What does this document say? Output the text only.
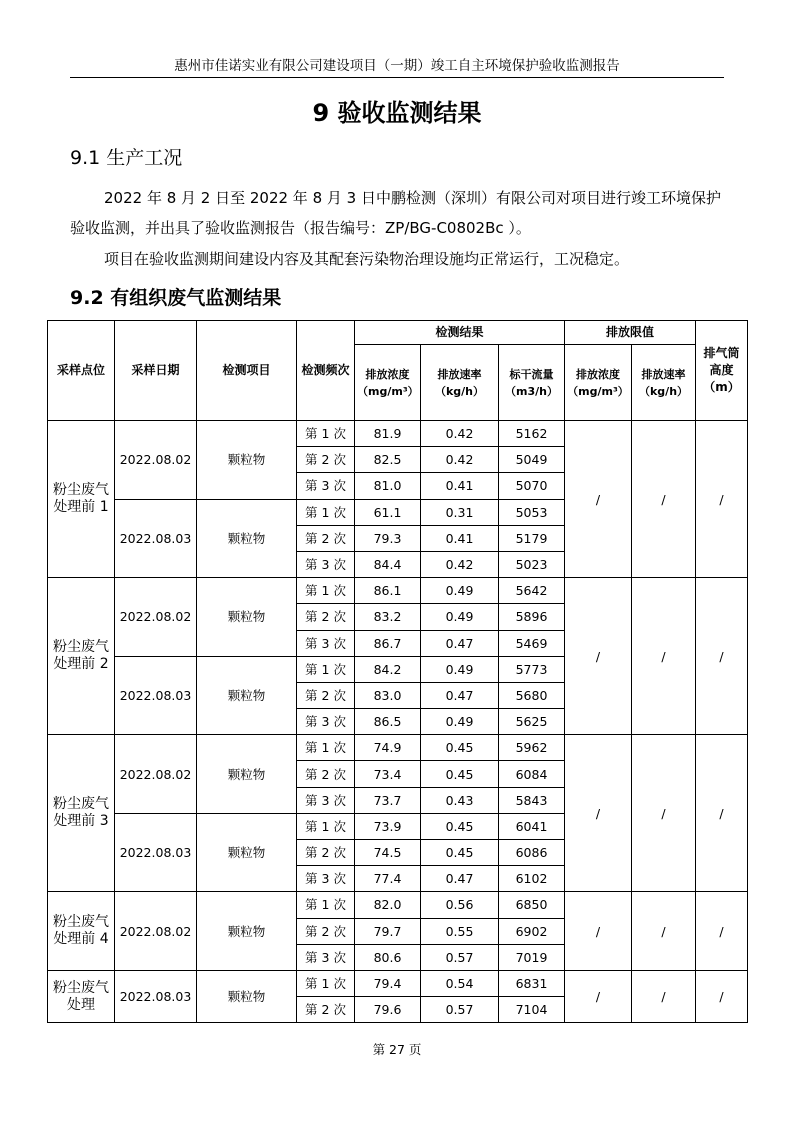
惠州市佳诺实业有限公司建设项目（一期）竣工自主环境保护验收监测报告
9 验收监测结果
9.1 生产工况
2022 年 8 月 2 日至 2022 年 8 月 3 日中鹏检测（深圳）有限公司对项目进行竣工环境保护验收监测，并出具了验收监测报告（报告编号：ZP/BG-C0802Bc ）。
项目在验收监测期间建设内容及其配套污染物治理设施均正常运行，工况稳定。
9.2 有组织废气监测结果
采样点位	采样日期	检测项目	检测频次	检测结果			排放限值		排气筒高度（m）
				排放浓度（mg/m³）	排放速率（kg/h）	标干流量（m3/h）	排放浓度（mg/m³）	排放速率（kg/h）	
粉尘废气处理前 1	2022.08.02	颗粒物	第 1 次	81.9	0.42	5162	/	/	/
			第 2 次	82.5	0.42	5049			
			第 3 次	81.0	0.41	5070			
	2022.08.03	颗粒物	第 1 次	61.1	0.31	5053			
			第 2 次	79.3	0.41	5179			
			第 3 次	84.4	0.42	5023			
粉尘废气处理前 2	2022.08.02	颗粒物	第 1 次	86.1	0.49	5642	/	/	/
			第 2 次	83.2	0.49	5896			
			第 3 次	86.7	0.47	5469			
	2022.08.03	颗粒物	第 1 次	84.2	0.49	5773			
			第 2 次	83.0	0.47	5680			
			第 3 次	86.5	0.49	5625			
粉尘废气处理前 3	2022.08.02	颗粒物	第 1 次	74.9	0.45	5962	/	/	/
			第 2 次	73.4	0.45	6084			
			第 3 次	73.7	0.43	5843			
	2022.08.03	颗粒物	第 1 次	73.9	0.45	6041			
			第 2 次	74.5	0.45	6086			
			第 3 次	77.4	0.47	6102			
粉尘废气处理前 4	2022.08.02	颗粒物	第 1 次	82.0	0.56	6850	/	/	/
			第 2 次	79.7	0.55	6902			
			第 3 次	80.6	0.57	7019			
粉尘废气处理	2022.08.03	颗粒物	第 1 次	79.4	0.54	6831	/	/	/
			第 2 次	79.6	0.57	7104			
第 27 页
